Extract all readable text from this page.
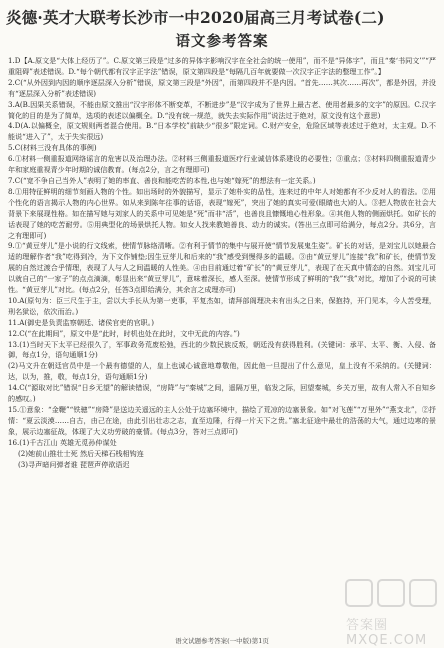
炎德·英才大联考长沙市一中2020届高三月考试卷(二)
语文参考答案

1.D【A.原文是“大体上经历了”。C.原文第三段是“过多的异体字影响汉字在全社会的统一使用”，而不是“异体字”，而且“秦‘书同文’”“严重阻碍”表述错误。D.“每个朝代都有汉字正字法”错误，原文第四段是“每隔几百年就要做一次汉字正字法的整理工作”。】

2.C(“从外因到内因的顺序逐层深入分析”错误，原文第三段是“外因”，而第四段并不是内因。“首先……其次……再次”，都是外因，并没有“逐层深入分析”表述错误)

3.A(B.因果关系错误，不能由原文推出“汉字形体不断变革，不断进步”是“汉字成为了世界上最古老、使用者最多的文字”的原因。C.汉字简化的目的是为了简单，选项的表述以偏概全。D.“没有统一规范，就失去实际作用”说法过于绝对，原文没有这个意思)

4.D(A.以偏概全，原文规则两者混合使用。B.“日本学校”前缺少“很多”限定词。C.财产安全，危险区域等表述过于绝对，太主观。D.不能说“进入了”，太于失实很远)

5.C(材料三没有具体的事例)

6.①材料一侧重报道网络谣言的危害以及治理办法。②材料三侧重报道医疗行业诚信体系建设的必要性；③重点；③材料四侧重报道青少年和家庭重视青少年时期的诚信教育。(每点2分，言之有理即可)

7.C(“宽不争自己当外人”表明了她的率直、善良和能吃苦的本性,也与她“嫁死”的想法有一定关系。)

8.①用特征鲜明的细节刻画人物的个性。如出场时的外貌描写，显示了她朴实的品性，连来过的中年人对她都有不少反对人的看法。②用个性化的语言揭示人物的内心世界。如从来到陈年往事的话语，表现“嫁死”，突出了她的真实可爱(眼睛也大)的人。③把人物放在社会大背景下来展现性格。如在描写她与刘家人的关系中可见她是“死”而非“活”，也善良且慷慨地心性形象。④其他人物的侧面烘托。如矿长的话表现了她的吃苦耐劳。⑤用典型化的场景烘托人物。如女人找来教她善良、动力的诚实。(答出三点即可给满分，每点2分。共6分，言之有理即可)

9.①“黄豆芽儿”是小说的行文线索，使情节脉络清晰。②有利于情节的集中与展开使“情节发展鬼生姿”。矿长的对话，是刘宝儿以她最合适的理解作者“我”吃得到冷，为下文作铺垫;因生豆芽儿和后来的“我”感受到慢得多的温暖。③由“黄豆芽儿”连接“我”和矿长，使情节发展的自然过渡合乎情理，表现了人与人之间温暖的人性美。④由目前通过着“矿长”的“黄豆芽儿”，表现了在天真中情态的自然。刘宝儿可以就自己的“一家子”的点点滴滴，彰显出来“黄豆芽儿”，意味着深长，感人至深。使情节形成了鲜明的“我”“我”对比，增加了小说的可读性。“黄豆芽儿”对比。(每点2分，任答3点即给满分，其余言之成理亦可)

10.A(原句为：臣三尺生于主，尝以大手长从为第一吏事，平复杰如，请拜部阁理决未有出头之日来，保抱持，开门见本，今人苦受理，刑名狱讼，依次而治。)

11.A(御史是负责监察朝廷、诸侯官吏的官职。)

12.C(“在此期间”，原文中是“此时，时机也处在此时，文中无此的内容。”)

13.(1)当时天下太平已经很久了，军事政务荒废松弛，西北的少数民族反叛，朝廷没有获得胜利。(关键词：承平、太平、衡、入侵、备御，每点1分，语句通顺1分)

(2)马文升在朝廷官员中是一个最有德望的人，皇上也诚心诚意地尊敬他，因此他一旦提出了什么意见，皇上没有不采纳的。(关键词：达，以为，推，敬，每点1分，语句通顺1分)

14.C(“源取对比”错误“日乡无望”的解读错误，“房降”与“秦城”之间，遥隔万里，临发之际，回望秦城，乡关万里，故有人常入不自知乡的感叹。)

15.①意象：“金鞭”“铁骢”“房降”是送边关遥远的主人公处于边塞环境中，描绘了荒凉的边塞景象。如“对飞莲”“万里外”“燕支北”，②抒情：“夏云淡漠……自古，由己在途，由此引出壮志之志，直至边陲，行得一片天下之贵。”塞北征途中最壮的浩荡的大气，通过边寒的景象，展示边塞征战，体现了大义功劳破的豪情。(每点3分，答对三点即可)

16.(1)千古江山 英雄无觅孙仲谋处

(2)她前山推壮士死 然后天梯石栈相钩连

(3)寻声暗问弹者谁 琵琶声停欲语迟

答案圈 MXQE.COM
语文试题参考答案(一中版)第1页
